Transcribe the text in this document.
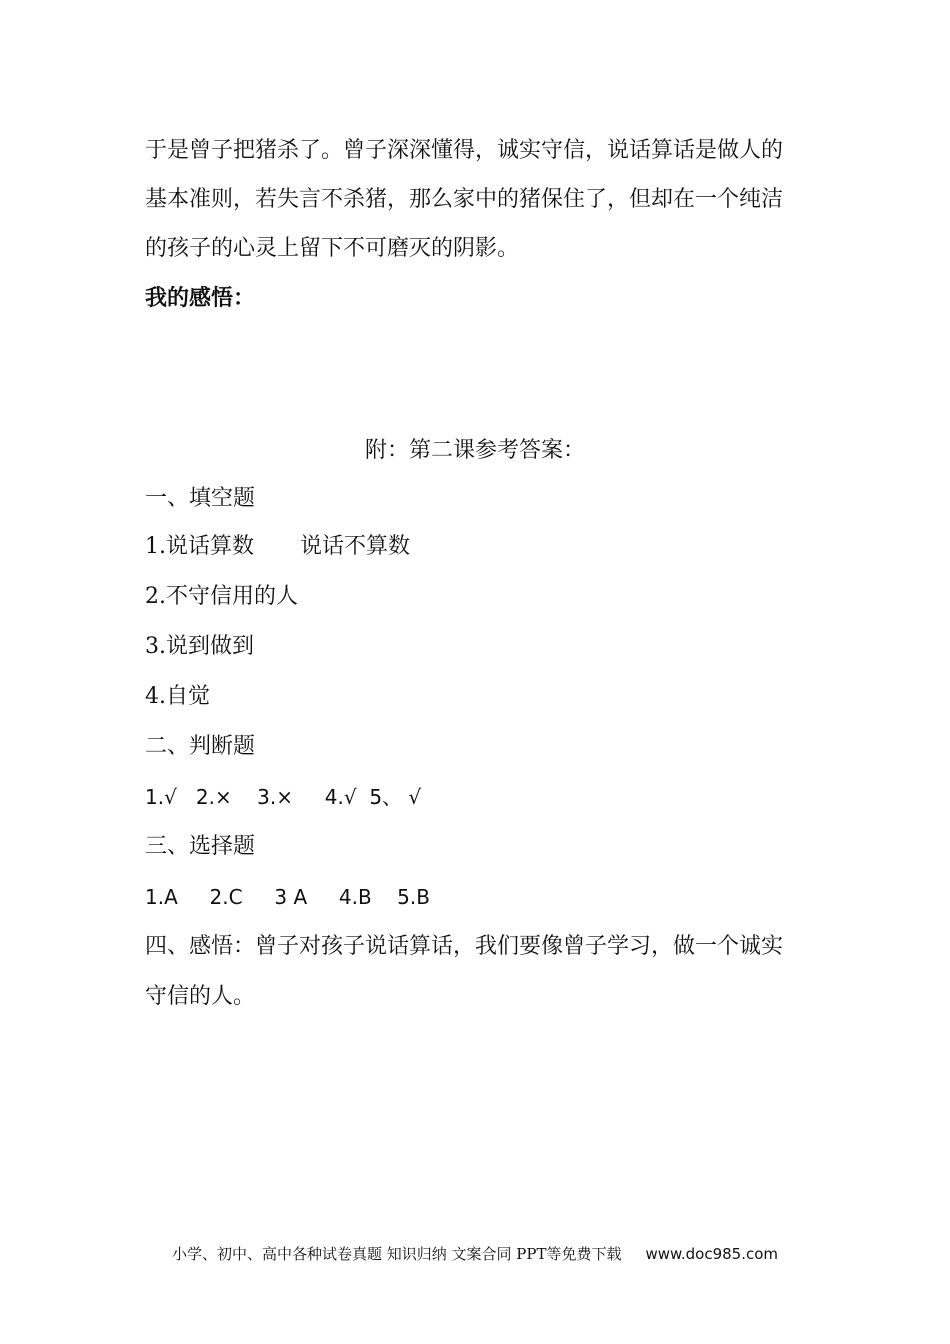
于是曾子把猪杀了。曾子深深懂得，诚实守信，说话算话是做人的

基本准则，若失言不杀猪，那么家中的猪保住了，但却在一个纯洁

的孩子的心灵上留下不可磨灭的阴影。

我的感悟：

附：第二课参考答案：

一、填空题

1.说话算数 说话不算数

2.不守信用的人

3.说到做到

4.自觉

二、判断题

1.√   2.×    3.×     4.√  5、 √

三、选择题

1.A     2.C     3 A     4.B    5.B

四、感悟：曾子对孩子说话算话，我们要像曾子学习，做一个诚实

守信的人。

小学、初中、高中各种试卷真题 知识归纳 文案合同 PPT等免费下载 www.doc985.com
